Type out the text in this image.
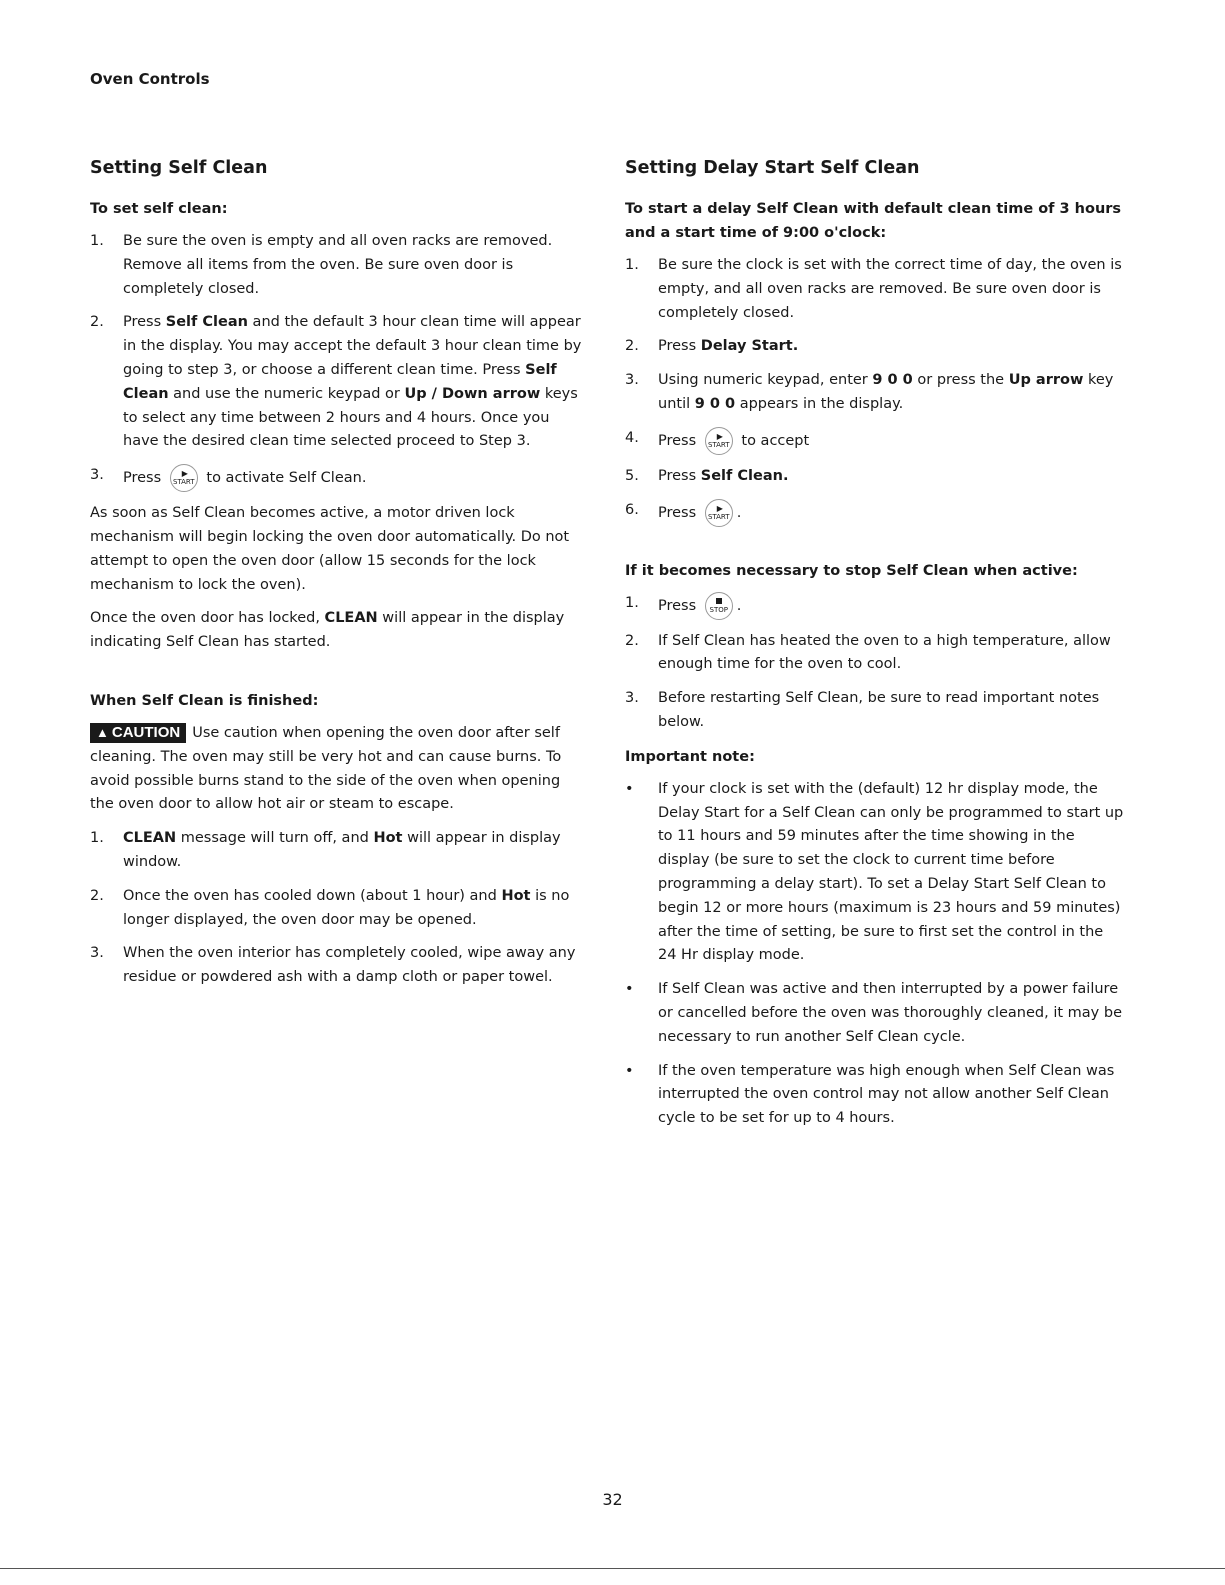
Oven Controls
Setting Self Clean
To set self clean:
1. Be sure the oven is empty and all oven racks are removed. Remove all items from the oven. Be sure oven door is completely closed.
2. Press Self Clean and the default 3 hour clean time will appear in the display. You may accept the default 3 hour clean time by going to step 3, or choose a different clean time. Press Self Clean and use the numeric keypad or Up / Down arrow keys to select any time between 2 hours and 4 hours. Once you have the desired clean time selected proceed to Step 3.
3. Press	▶
START to activate Self Clean.

As soon as Self Clean becomes active, a motor driven lock mechanism will begin locking the oven door automatically. Do not attempt to open the oven door (allow 15 seconds for the lock mechanism to lock the oven).

Once the oven door has locked, CLEAN will appear in the display indicating Self Clean has started.

When Self Clean is finished:

▲ CAUTION Use caution when opening the oven door after self cleaning. The oven may still be very hot and can cause burns. To avoid possible burns stand to the side of the oven when opening the oven door to allow hot air or steam to escape.

1. CLEAN message will turn off, and Hot will appear in display window.
2. Once the oven has cooled down (about 1 hour) and Hot is no longer displayed, the oven door may be opened.
3. When the oven interior has completely cooled, wipe away any residue or powdered ash with a damp cloth or paper towel.
Setting Delay Start Self Clean
To start a delay Self Clean with default clean time of 3 hours and a start time of 9:00 o'clock:
1. Be sure the clock is set with the correct time of day, the oven is empty, and all oven racks are removed. Be sure oven door is completely closed.
2. Press Delay Start.
3. Using numeric keypad, enter 9 0 0 or press the Up arrow key until 9 0 0 appears in the display.
4. Press	▶
START to accept
5. Press Self Clean.
6. Press	▶
START .
If it becomes necessary to stop Self Clean when active:
1. Press	STOP .
2. If Self Clean has heated the oven to a high temperature, allow enough time for the oven to cool.
3. Before restarting Self Clean, be sure to read important notes below.
Important note:
• If your clock is set with the (default) 12 hr display mode, the Delay Start for a Self Clean can only be programmed to start up to 11 hours and 59 minutes after the time showing in the display (be sure to set the clock to current time before programming a delay start). To set a Delay Start Self Clean to begin 12 or more hours (maximum is 23 hours and 59 minutes) after the time of setting, be sure to first set the control in the 24 Hr display mode.
• If Self Clean was active and then interrupted by a power failure or cancelled before the oven was thoroughly cleaned, it may be necessary to run another Self Clean cycle.
• If the oven temperature was high enough when Self Clean was interrupted the oven control may not allow another Self Clean cycle to be set for up to 4 hours.
32
